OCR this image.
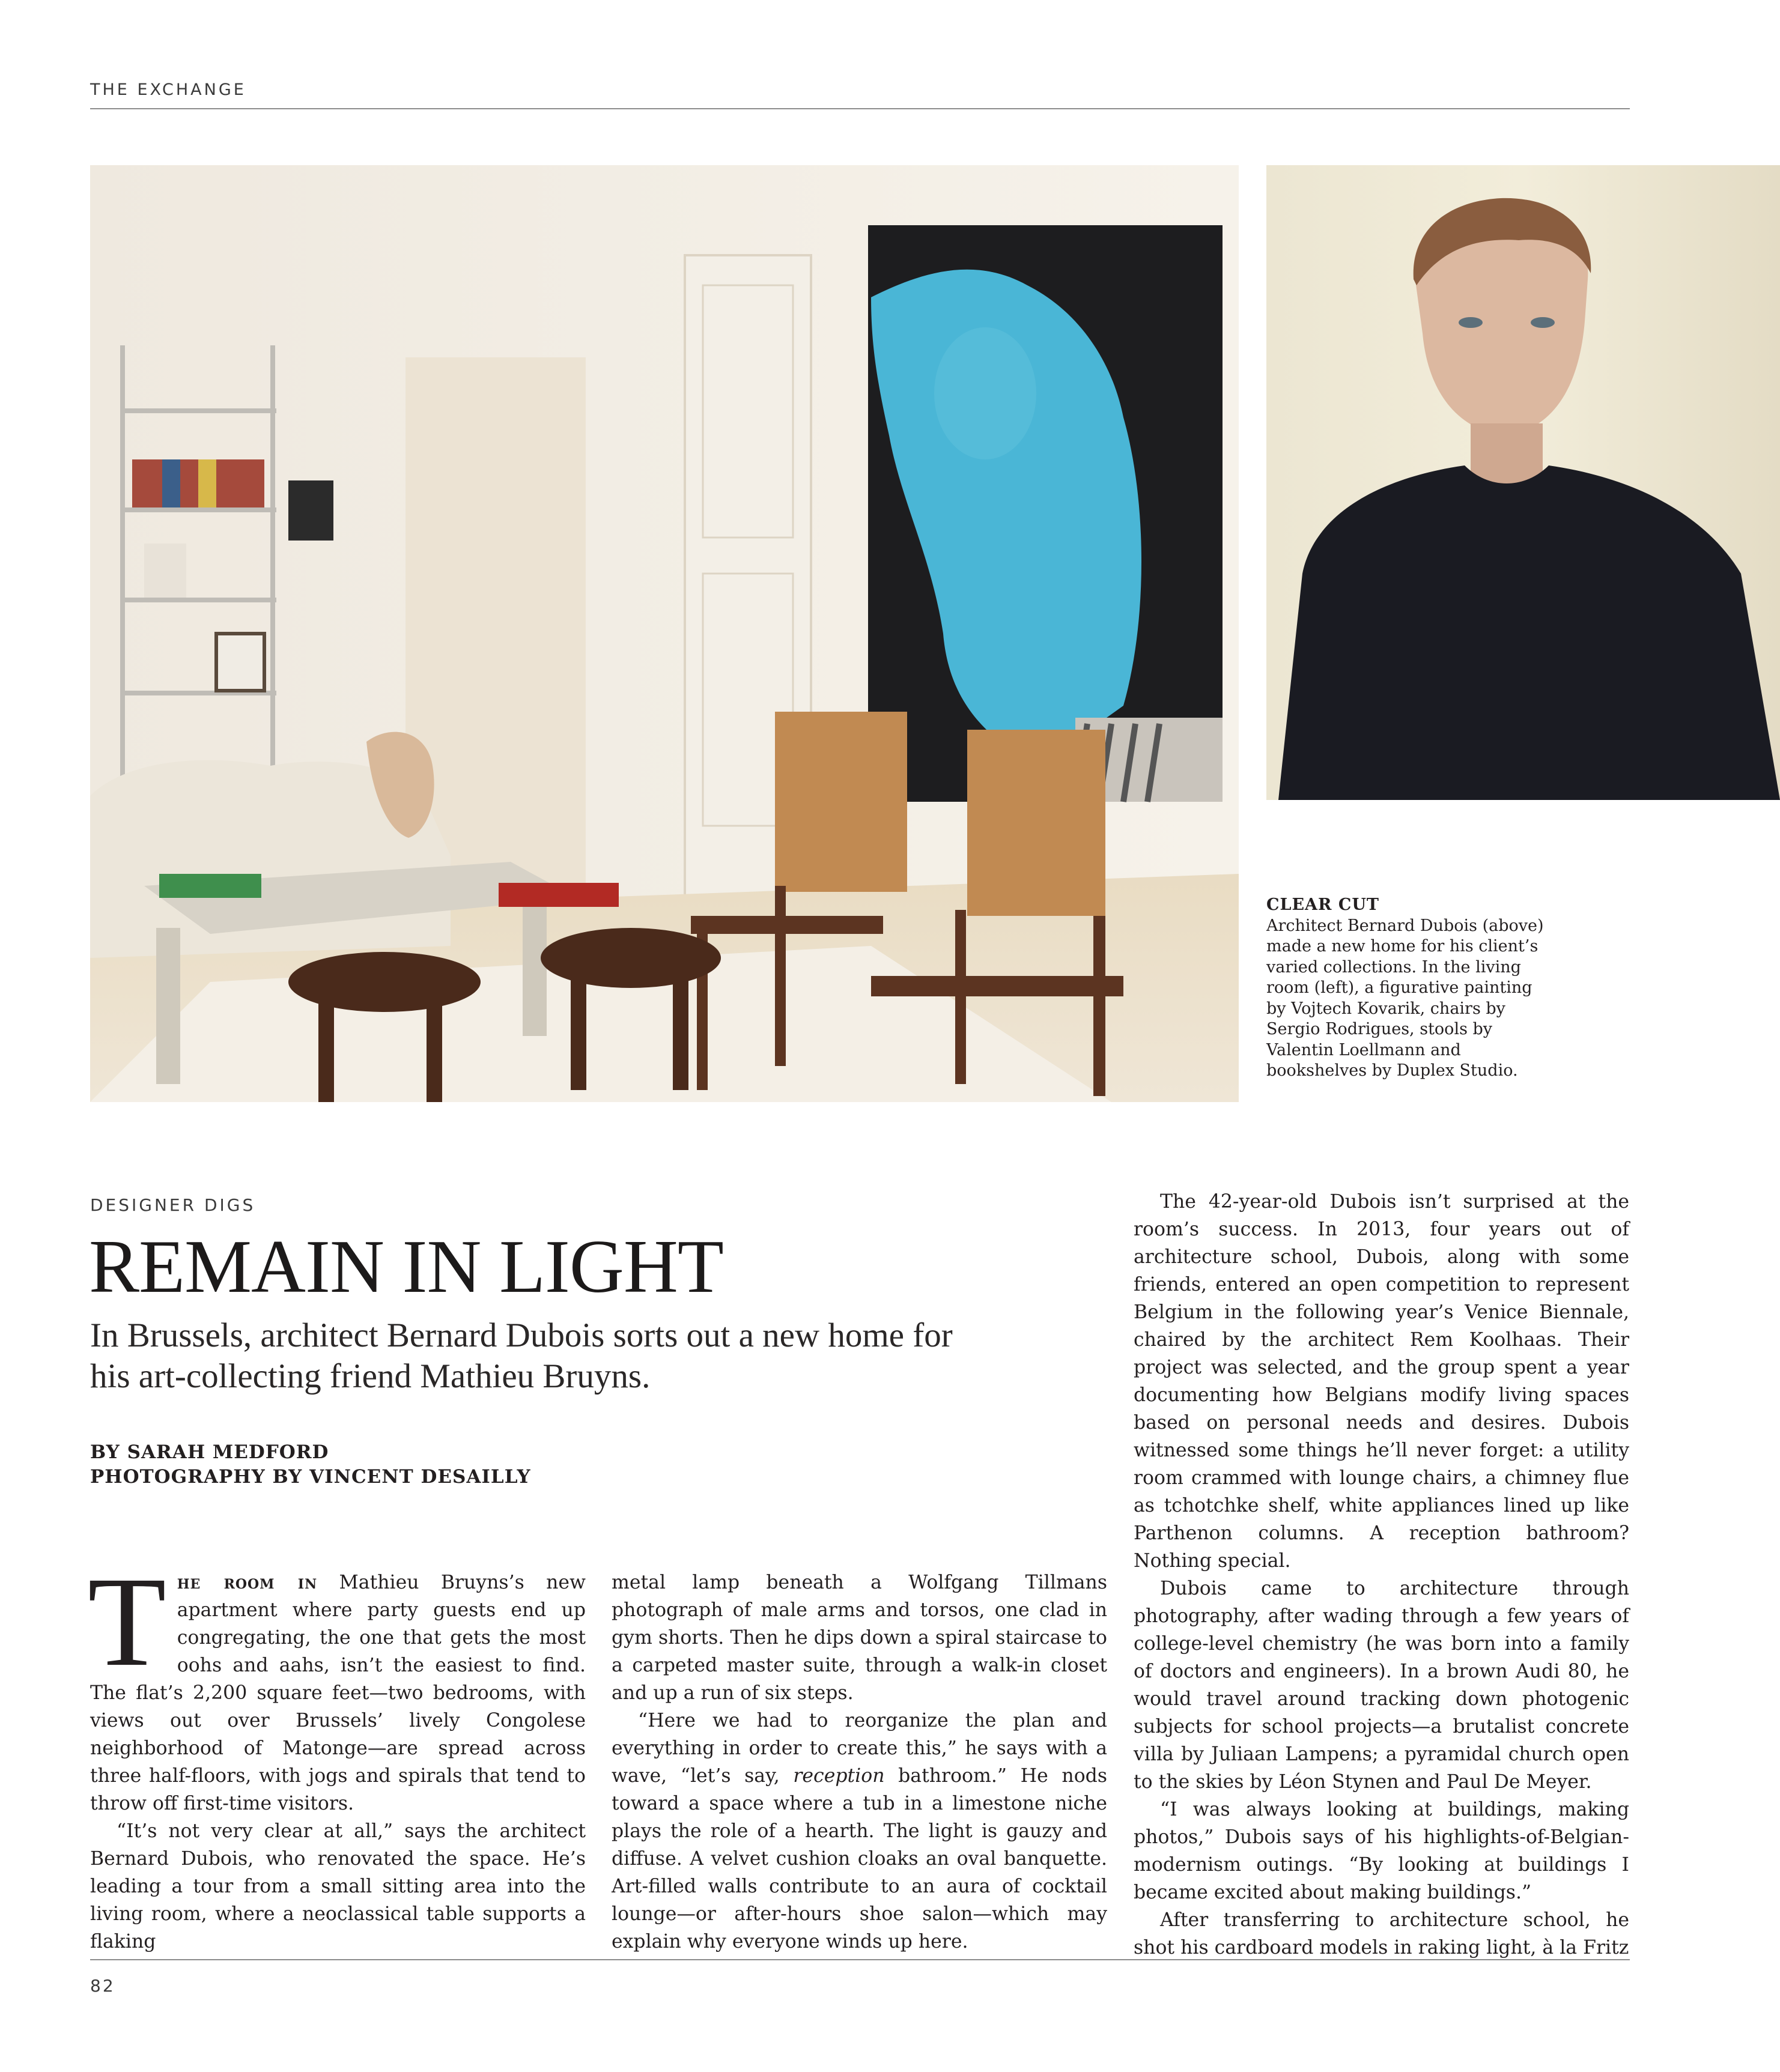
THE EXCHANGE
CLEAR CUT
Architect Bernard Dubois (above) made a new home for his client’s varied collections. In the living room (left), a figurative painting by Vojtech Kovarik, chairs by Sergio Rodrigues, stools by Valentin Loellmann and bookshelves by Duplex Studio.
DESIGNER DIGS
REMAIN IN LIGHT
In Brussels, architect Bernard Dubois sorts out a new home for his art-collecting friend Mathieu Bruyns.
BY SARAH MEDFORD
PHOTOGRAPHY BY VINCENT DESAILLY

The room in Mathieu Bruyns’s new apartment where party guests end up congregating, the one that gets the most oohs and aahs, isn’t the easiest to find. The flat’s 2,200 square feet—two bedrooms, with views out over Brussels’ lively Congolese neighborhood of Matonge—are spread across three half-floors, with jogs and spirals that tend to throw off first-time visitors.

“It’s not very clear at all,” says the architect Bernard Dubois, who renovated the space. He’s leading a tour from a small sitting area into the living room, where a neoclassical table supports a flaking

metal lamp beneath a Wolfgang Tillmans photograph of male arms and torsos, one clad in gym shorts. Then he dips down a spiral staircase to a carpeted master suite, through a walk-in closet and up a run of six steps.

“Here we had to reorganize the plan and everything in order to create this,” he says with a wave, “let’s say, reception bathroom.” He nods toward a space where a tub in a limestone niche plays the role of a hearth. The light is gauzy and diffuse. A velvet cushion cloaks an oval banquette. Art-filled walls contribute to an aura of cocktail lounge—or after-hours shoe salon—which may explain why everyone winds up here.

The 42-year-old Dubois isn’t surprised at the room’s success. In 2013, four years out of architecture school, Dubois, along with some friends, entered an open competition to represent Belgium in the following year’s Venice Biennale, chaired by the architect Rem Koolhaas. Their project was selected, and the group spent a year documenting how Belgians modify living spaces based on personal needs and desires. Dubois witnessed some things he’ll never forget: a utility room crammed with lounge chairs, a chimney flue as tchotchke shelf, white appliances lined up like Parthenon columns. A reception bathroom? Nothing special.

Dubois came to architecture through photography, after wading through a few years of college-level chemistry (he was born into a family of doctors and engineers). In a brown Audi 80, he would travel around tracking down photogenic subjects for school projects—a brutalist concrete villa by Juliaan Lampens; a pyramidal church open to the skies by Léon Stynen and Paul De Meyer.

“I was always looking at buildings, making photos,” Dubois says of his highlights-of-Belgian-modernism outings. “By looking at buildings I became excited about making buildings.”

After transferring to architecture school, he shot his cardboard models in raking light, à la Fritz

82
